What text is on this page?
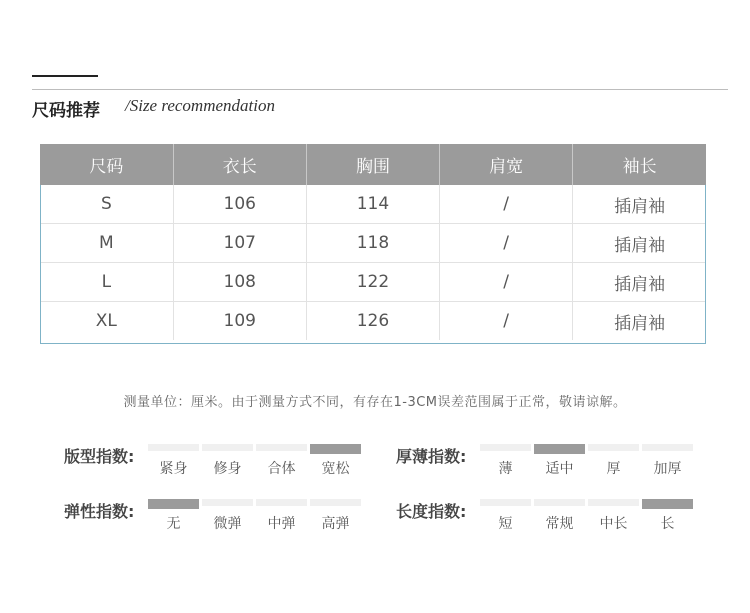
尺码推荐 /Size recommendation
尺码	衣长	胸围	肩宽	袖长
S	106	114	/	插肩袖
M	107	118	/	插肩袖
L	108	122	/	插肩袖
XL	109	126	/	插肩袖
测量单位：厘米。由于测量方式不同，有存在1-3CM误差范围属于正常，敬请谅解。
版型指数:
紧身 修身 合体 宽松
厚薄指数:
薄 适中 厚 加厚
弹性指数:
无 微弹 中弹 高弹
长度指数:
短 常规 中长 长
